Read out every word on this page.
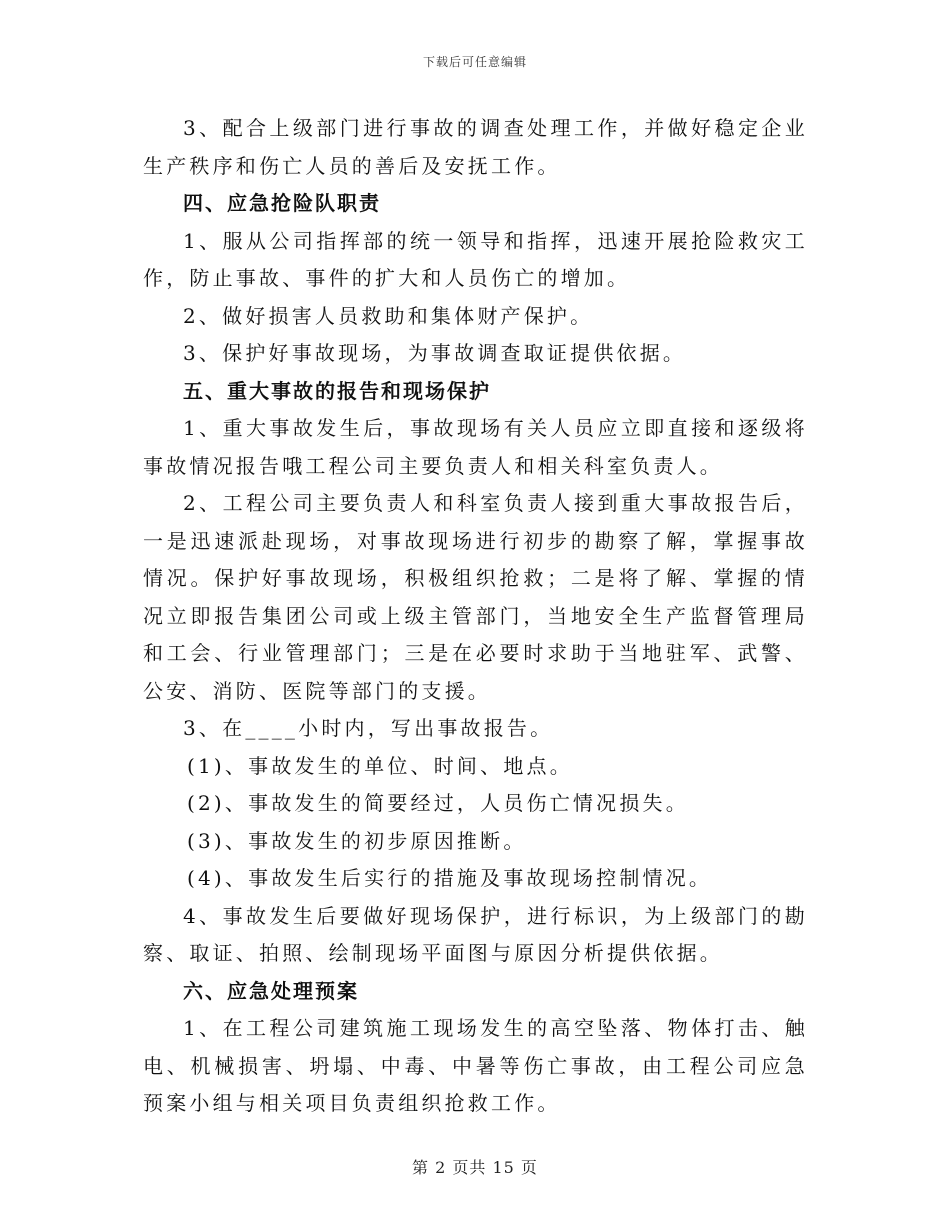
下载后可任意编辑

3、配合上级部门进行事故的调查处理工作，并做好稳定企业生产秩序和伤亡人员的善后及安抚工作。

四、应急抢险队职责

1、服从公司指挥部的统一领导和指挥，迅速开展抢险救灾工作，防止事故、事件的扩大和人员伤亡的增加。

2、做好损害人员救助和集体财产保护。

3、保护好事故现场，为事故调查取证提供依据。

五、重大事故的报告和现场保护

1、重大事故发生后，事故现场有关人员应立即直接和逐级将事故情况报告哦工程公司主要负责人和相关科室负责人。

2、工程公司主要负责人和科室负责人接到重大事故报告后，一是迅速派赴现场，对事故现场进行初步的勘察了解，掌握事故情况。保护好事故现场，积极组织抢救；二是将了解、掌握的情况立即报告集团公司或上级主管部门，当地安全生产监督管理局和工会、行业管理部门；三是在必要时求助于当地驻军、武警、公安、消防、医院等部门的支援。

3、在____小时内，写出事故报告。

(1)、事故发生的单位、时间、地点。

(2)、事故发生的简要经过，人员伤亡情况损失。

(3)、事故发生的初步原因推断。

(4)、事故发生后实行的措施及事故现场控制情况。

4、事故发生后要做好现场保护，进行标识，为上级部门的勘察、取证、拍照、绘制现场平面图与原因分析提供依据。

六、应急处理预案

1、在工程公司建筑施工现场发生的高空坠落、物体打击、触电、机械损害、坍塌、中毒、中暑等伤亡事故，由工程公司应急预案小组与相关项目负责组织抢救工作。

第 2 页共 15 页
